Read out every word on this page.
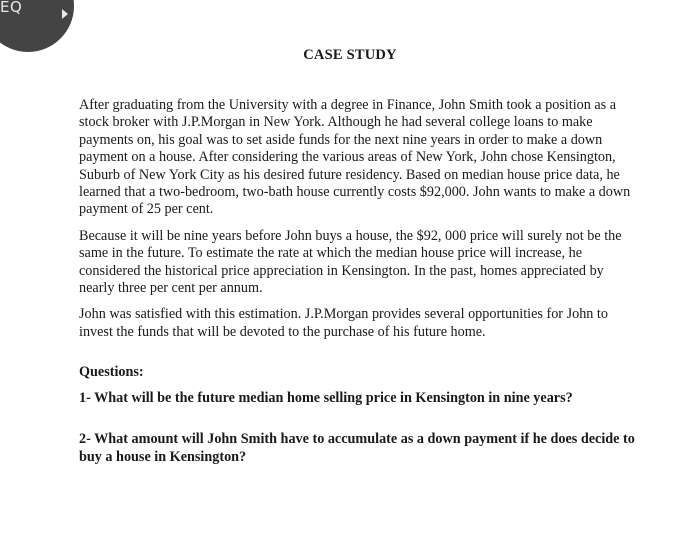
EQ
CASE STUDY

After graduating from the University with a degree in Finance, John Smith took a position as a stock broker with J.P.Morgan in New York. Although he had several college loans to make payments on, his goal was to set aside funds for the next nine years in order to make a down payment on a house. After considering the various areas of New York, John chose Kensington, Suburb of New York City as his desired future residency. Based on median house price data, he learned that a two-bedroom, two-bath house currently costs $92,000. John wants to make a down payment of 25 per cent.

Because it will be nine years before John buys a house, the $92, 000 price will surely not be the same in the future. To estimate the rate at which the median house price will increase, he considered the historical price appreciation in Kensington. In the past, homes appreciated by nearly three per cent per annum.

John was satisfied with this estimation. J.P.Morgan provides several opportunities for John to invest the funds that will be devoted to the purchase of his future home.

Questions:

1- What will be the future median home selling price in Kensington in nine years?

2- What amount will John Smith have to accumulate as a down payment if he does decide to buy a house in Kensington?
